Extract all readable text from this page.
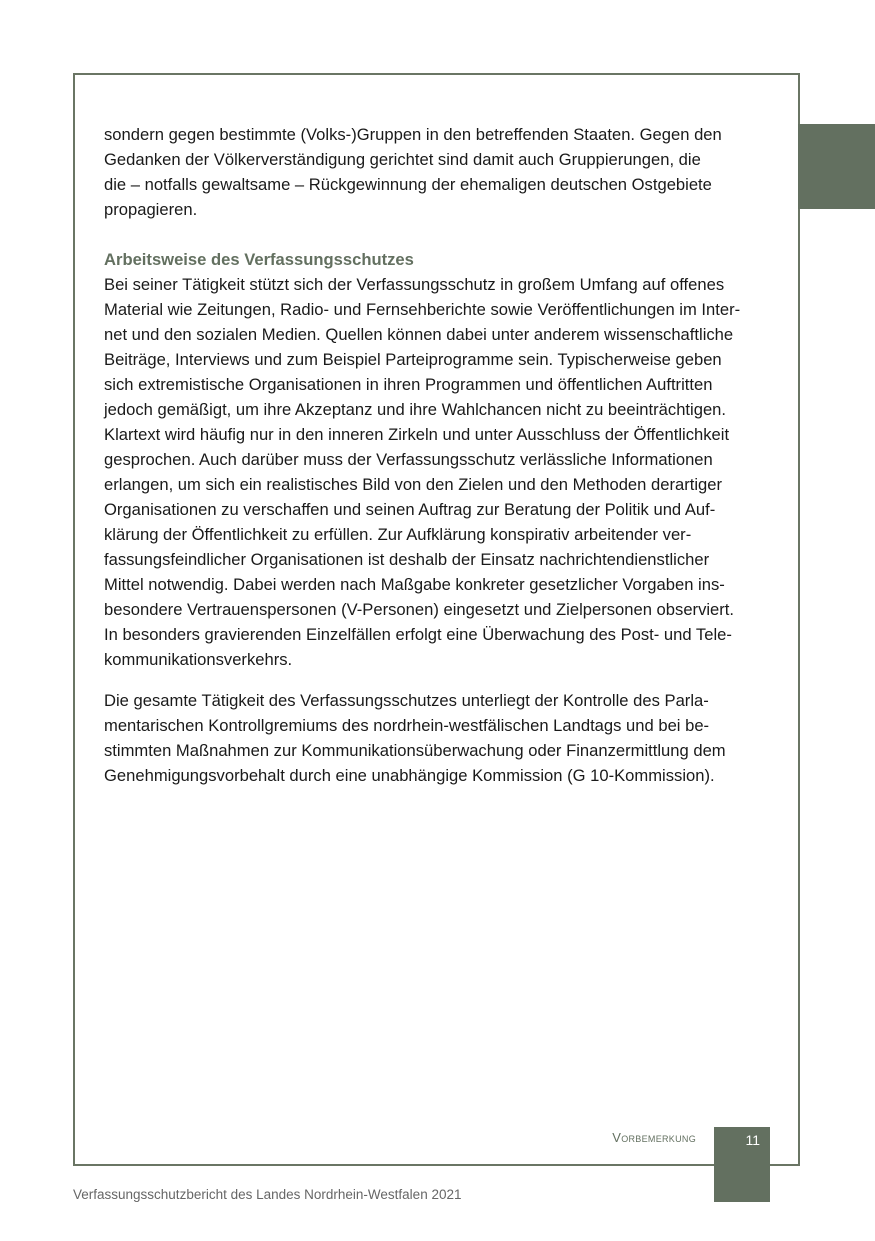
sondern gegen bestimmte (Volks-)Gruppen in den betreffenden Staaten. Gegen den
Gedanken der Völkerverständigung gerichtet sind damit auch Gruppierungen, die
die – notfalls gewaltsame – Rückgewinnung der ehemaligen deutschen Ostgebiete
propagieren.

Arbeitsweise des Verfassungsschutzes

Bei seiner Tätigkeit stützt sich der Verfassungsschutz in großem Umfang auf offenes
Material wie Zeitungen, Radio- und Fernsehberichte sowie Veröffentlichungen im Inter-
net und den sozialen Medien. Quellen können dabei unter anderem wissenschaftliche
Beiträge, Interviews und zum Beispiel Parteiprogramme sein. Typischerweise geben
sich extremistische Organisationen in ihren Programmen und öffentlichen Auftritten
jedoch gemäßigt, um ihre Akzeptanz und ihre Wahlchancen nicht zu beeinträchtigen.
Klartext wird häufig nur in den inneren Zirkeln und unter Ausschluss der Öffentlichkeit
gesprochen. Auch darüber muss der Verfassungsschutz verlässliche Informationen
erlangen, um sich ein realistisches Bild von den Zielen und den Methoden derartiger
Organisationen zu verschaffen und seinen Auftrag zur Beratung der Politik und Auf-
klärung der Öffentlichkeit zu erfüllen. Zur Aufklärung konspirativ arbeitender ver-
fassungsfeindlicher Organisationen ist deshalb der Einsatz nachrichtendienstlicher
Mittel notwendig. Dabei werden nach Maßgabe konkreter gesetzlicher Vorgaben ins-
besondere Vertrauenspersonen (V-Personen) eingesetzt und Zielpersonen observiert.
In besonders gravierenden Einzelfällen erfolgt eine Überwachung des Post- und Tele-
kommunikationsverkehrs.

Die gesamte Tätigkeit des Verfassungsschutzes unterliegt der Kontrolle des Parla-
mentarischen Kontrollgremiums des nordrhein-westfälischen Landtags und bei be-
stimmten Maßnahmen zur Kommunikationsüberwachung oder Finanzermittlung dem
Genehmigungsvorbehalt durch eine unabhängige Kommission (G 10-Kommission).

Vorbemerkung	11
Verfassungsschutzbericht des Landes Nordrhein-Westfalen 2021
